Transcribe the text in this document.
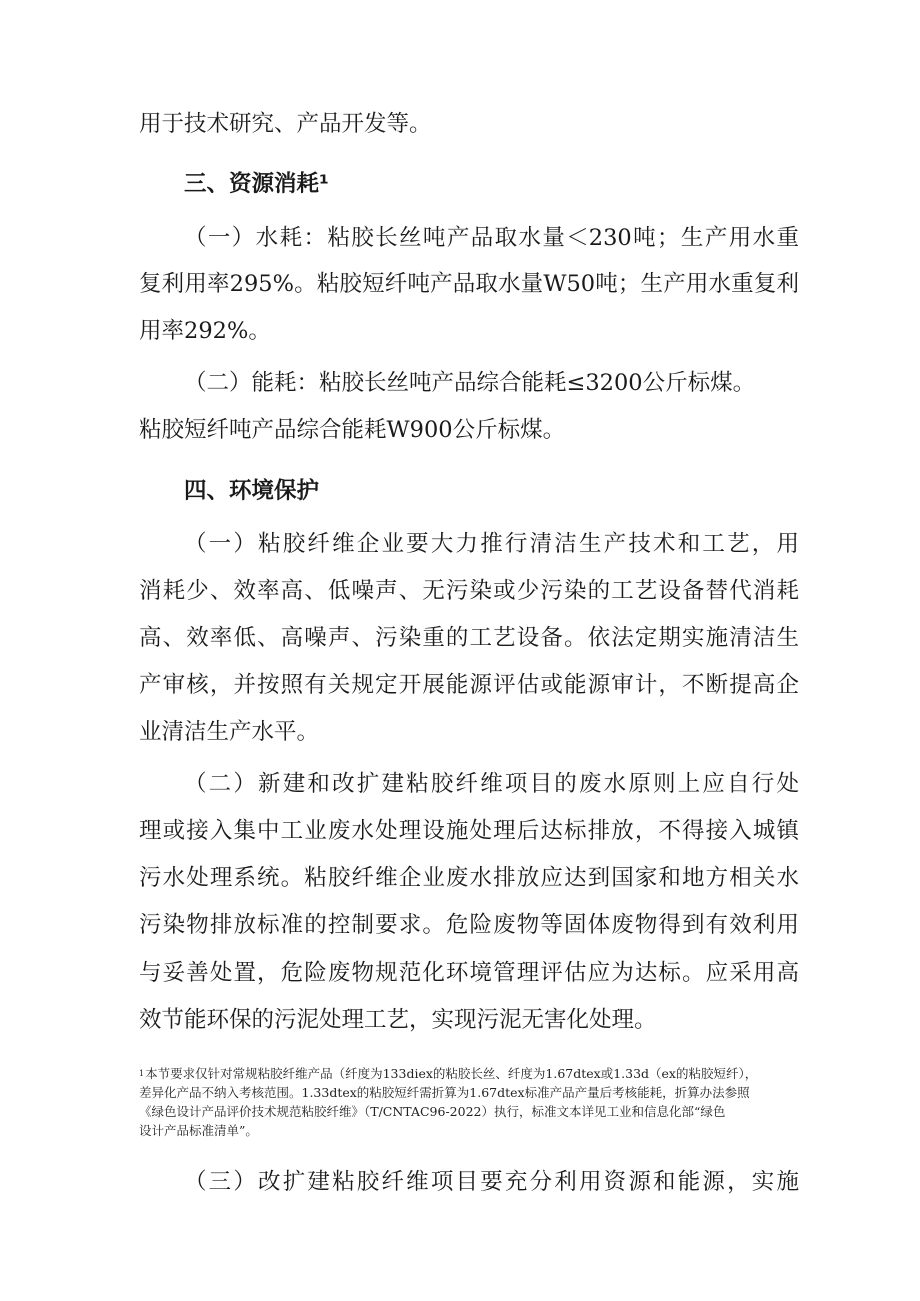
用于技术研究、产品开发等。
三、资源消耗¹
（一）水耗：粘胶长丝吨产品取水量＜230吨；生产用水重
复利用率295%。粘胶短纤吨产品取水量W50吨；生产用水重复利
用率292%。
（二）能耗：粘胶长丝吨产品综合能耗≤3200公斤标煤。
粘胶短纤吨产品综合能耗W900公斤标煤。
四、环境保护
（一）粘胶纤维企业要大力推行清洁生产技术和工艺，用
消耗少、效率高、低噪声、无污染或少污染的工艺设备替代消耗
高、效率低、高噪声、污染重的工艺设备。依法定期实施清洁生
产审核，并按照有关规定开展能源评估或能源审计，不断提高企
业清洁生产水平。
（二）新建和改扩建粘胶纤维项目的废水原则上应自行处
理或接入集中工业废水处理设施处理后达标排放，不得接入城镇
污水处理系统。粘胶纤维企业废水排放应达到国家和地方相关水
污染物排放标准的控制要求。危险废物等固体废物得到有效利用
与妥善处置，危险废物规范化环境管理评估应为达标。应采用高
效节能环保的污泥处理工艺，实现污泥无害化处理。
$^1$本节要求仅针对常规粘胶纤维产品（纤度为133diex的粘胶长丝、纤度为1.67dtex或1.33d（ex的粘胶短纤），
差异化产品不纳入考核范围。1.33dtex的粘胶短纤需折算为1.67dtex标准产品产量后考核能耗，折算办法参照
《绿色设计产品评价技术规范粘胶纤维》（T/CNTAC96-2022）执行，标准文本详见工业和信息化部“绿色
设计产品标准清单”。
（三）改扩建粘胶纤维项目要充分利用资源和能源，实施
